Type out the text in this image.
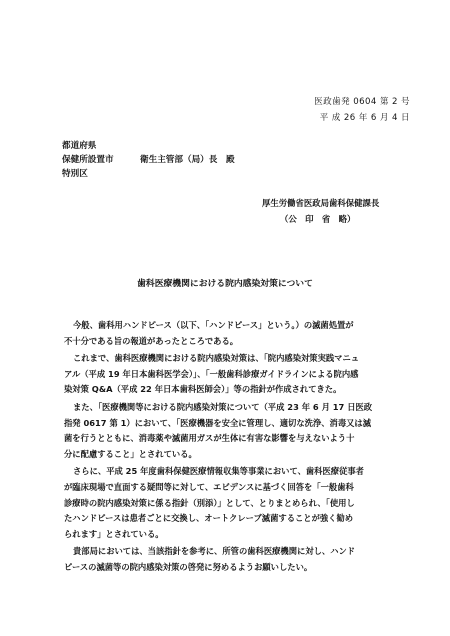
医政歯発 0604 第 2 号
平 成 26 年 6 月 4 日
都道府県
保健所設置市
特別区
衛生主管部（局）長　殿
厚生労働省医政局歯科保健課長
（公　印　省　略）
歯科医療機関における院内感染対策について

今般、歯科用ハンドピース（以下、「ハンドピース」という。）の滅菌処置が
不十分である旨の報道があったところである。

これまで、歯科医療機関における院内感染対策は、「院内感染対策実践マニュ
アル（平成 19 年日本歯科医学会）」、「一般歯科診療ガイドラインによる院内感
染対策 Q&A（平成 22 年日本歯科医師会）」等の指針が作成されてきた。

また、「医療機関等における院内感染対策について（平成 23 年 6 月 17 日医政
指発 0617 第 1）において、「医療機器を安全に管理し、適切な洗浄、消毒又は滅
菌を行うとともに、消毒薬や滅菌用ガスが生体に有害な影響を与えないよう十
分に配慮すること」とされている。

さらに、平成 25 年度歯科保健医療情報収集等事業において、歯科医療従事者
が臨床現場で直面する疑問等に対して、エビデンスに基づく回答を「一般歯科
診療時の院内感染対策に係る指針（別添）」として、とりまとめられ、「使用し
たハンドピースは患者ごとに交換し、オートクレーブ滅菌することが強く勧め
られます」とされている。

貴部局においては、当該指針を参考に、所管の歯科医療機関に対し、ハンド
ピースの滅菌等の院内感染対策の啓発に努めるようお願いしたい。
